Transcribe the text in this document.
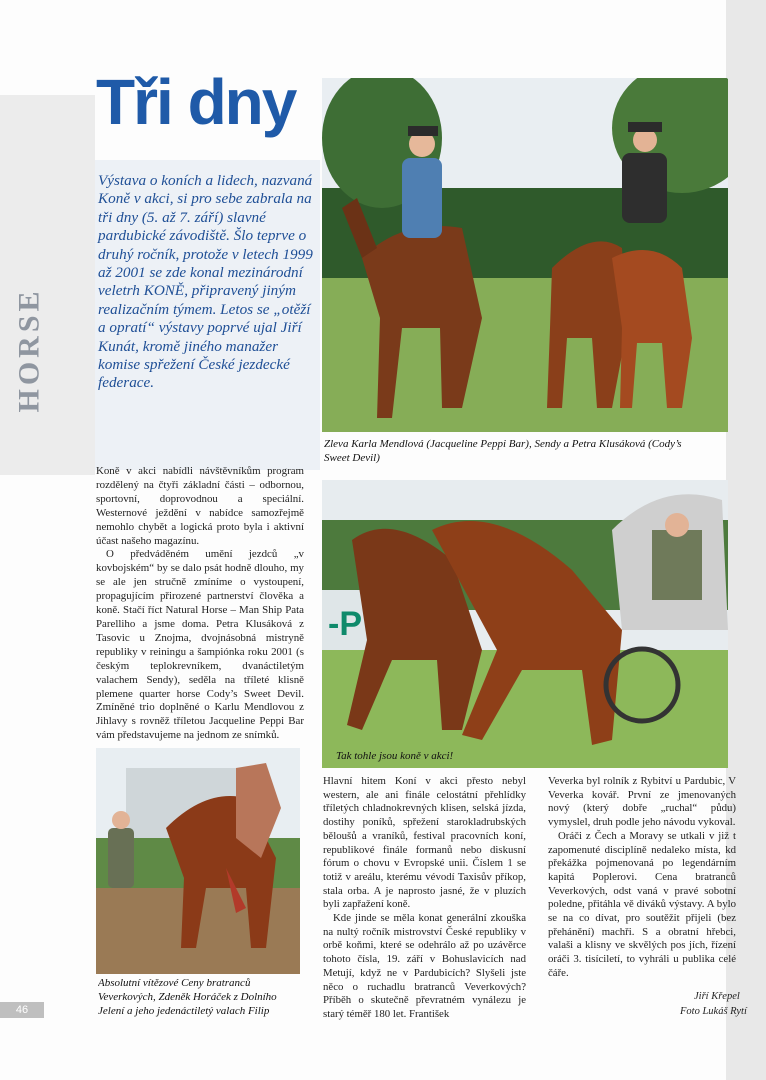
HORSE
Tři dny
Výstava o koních a lidech, nazvaná Koně v akci, si pro sebe zabrala na tři dny (5. až 7. září) slavné pardubické závodiště. Šlo teprve o druhý ročník, protože v letech 1999 až 2001 se zde konal mezinárodní veletrh KONĚ, připravený jiným realizačním týmem. Letos se „otěží a opratí“ výstavy poprvé ujal Jiří Kunát, kromě jiného manažer komise spřežení České jezdecké federace.

Koně v akci nabídli návštěvníkům program rozdělený na čtyři základní části – odbornou, sportovní, doprovodnou a speciální. Westernové ježdění v nabídce samozřejmě nemohlo chybět a logická proto byla i aktivní účast našeho magazínu.

O předváděném umění jezdců „v kovbojském“ by se dalo psát hodně dlouho, my se ale jen stručně zmíníme o vystoupení, propagujícím přirozené partnerství člověka a koně. Stačí říct Natural Horse – Man Ship Pata Parelliho a jsme doma. Petra Klusáková z Tasovic u Znojma, dvojnásobná mistryně republiky v reiningu a šampiónka roku 2001 (s českým teplokrevníkem, dvanáctiletým valachem Sendy), seděla na tříleté klisně plemene quarter horse Cody’s Sweet Devil. Zmíněné trio doplněné o Karlu Mendlovou z Jihlavy s rovněž tříletou Jacqueline Peppi Bar vám představujeme na jednom ze snímků.

Zleva Karla Mendlová (Jacqueline Peppi Bar), Sendy a Petra Klusáková (Cody’s
Sweet Devil)
-P
Tak tohle jsou koně v akci!
Absolutní vítězové Ceny bratranců
Veverkových, Zdeněk Horáček z Dolního
Jelení a jeho jedenáctiletý valach Filip

Hlavní hitem Koní v akci přesto nebyl western, ale ani finále celostátní přehlídky tříletých chladnokrevných klisen, selská jízda, dostihy poníků, spřežení starokladrubských běloušů a vraníků, festival pracovních koní, republikové finále formanů nebo diskusní fórum o chovu v Evropské unii. Číslem 1 se totiž v areálu, kterému vévodí Taxisův příkop, stala orba. A je naprosto jasné, že v pluzích byli zapřažení koně.

Kde jinde se měla konat generální zkouška na nultý ročník mistrovství České republiky v orbě koňmi, které se odehrálo až po uzávěrce tohoto čísla, 19. září v Bohuslavicích nad Metují, když ne v Pardubicích? Slyšeli jste něco o ruchadlu bratranců Veverkových? Příběh o skutečně převratném vynálezu je starý téměř 180 let. František

Veverka byl rolník z Rybitví u Pardubic, V Veverka kovář. První ze jmenovaných nový (který dobře „ruchal“ půdu) vymyslel, druh podle jeho návodu vykoval.

Oráči z Čech a Moravy se utkali v již t zapomenuté disciplíně nedaleko místa, kd překážka pojmenovaná po legendárním kapitá Poplerovi. Cena bratranců Veverkových, odst vaná v pravé sobotní poledne, přitáhla vě diváků výstavy. A bylo se na co dívat, pro soutěžit přijeli (bez přehánění) machři. S a obratní hřebci, valaši a klisny ve skvělých pos jích, řízení oráči 3. tisíciletí, to vyhráli u publika celé čáře.

Jiří Křepel
Foto Lukáš Rytí
46
